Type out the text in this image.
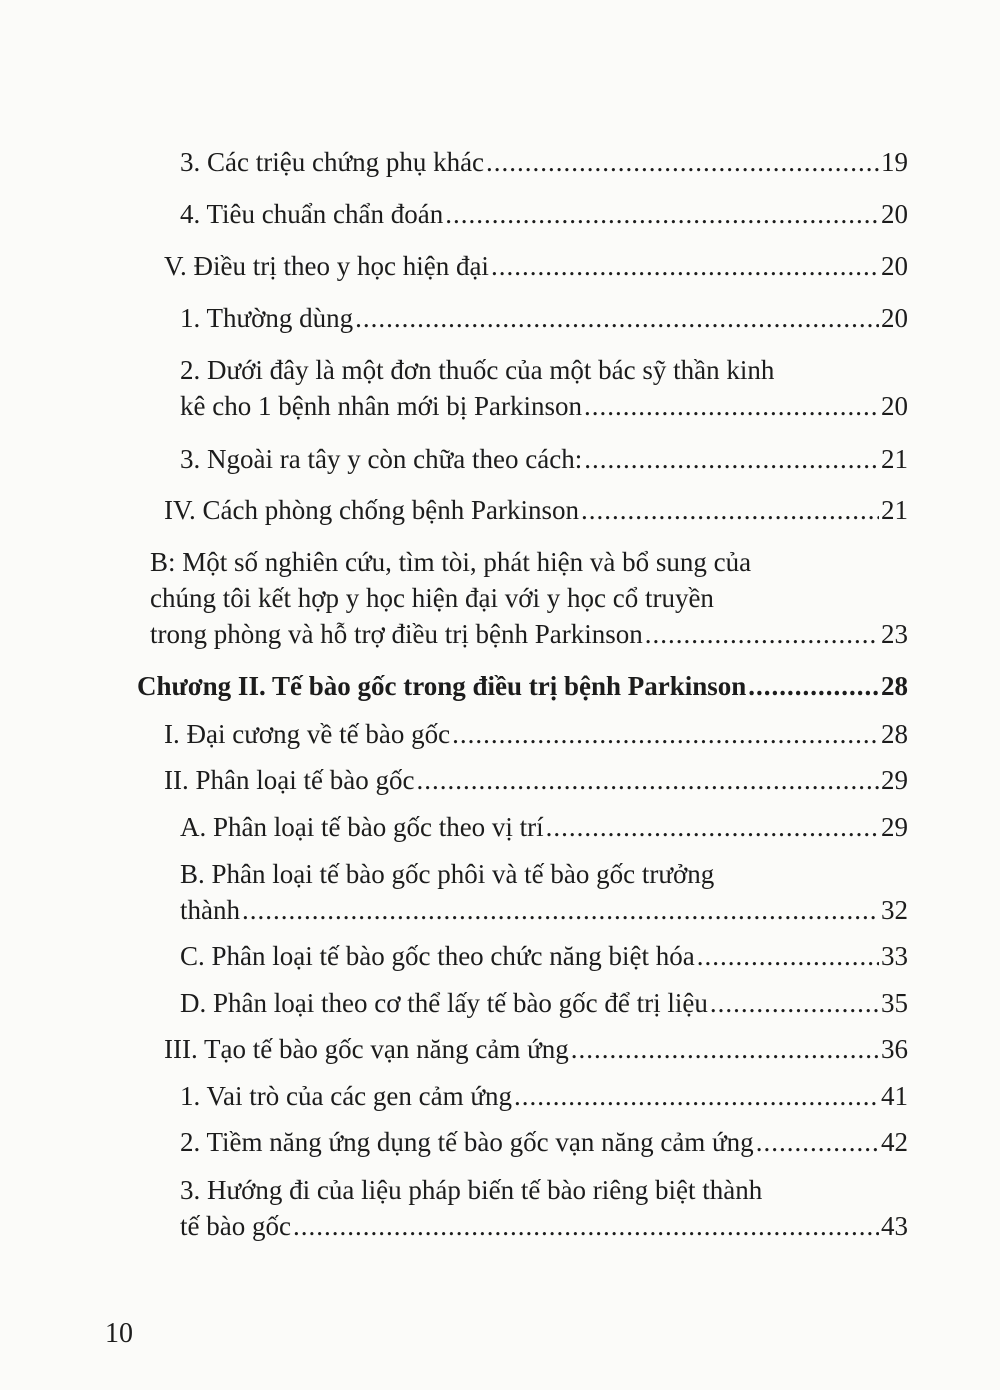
3. Các triệu chứng phụ khác .....	19
4. Tiêu chuẩn chẩn đoán .....	20
V. Điều trị theo y học hiện đại .....	20
1. Thường dùng .....	20
2. Dưới đây là một đơn thuốc của một bác sỹ thần kinh
kê cho 1 bệnh nhân mới bị Parkinson .....	20
3. Ngoài ra tây y còn chữa theo cách: .....	21
IV. Cách phòng chống bệnh Parkinson .....	21
B: Một số nghiên cứu, tìm tòi, phát hiện và bổ sung của
chúng tôi kết hợp y học hiện đại với y học cổ truyền
trong phòng và hỗ trợ điều trị bệnh Parkinson .....	23
Chương II. Tế bào gốc trong điều trị bệnh Parkinson .....	28
I. Đại cương về tế bào gốc .....	28
II. Phân loại tế bào gốc .....	29
A. Phân loại tế bào gốc theo vị trí .....	29
B. Phân loại tế bào gốc phôi và tế bào gốc trưởng
thành .....	32
C. Phân loại tế bào gốc theo chức năng biệt hóa .....	33
D. Phân loại theo cơ thể lấy tế bào gốc để trị liệu .....	35
III. Tạo tế bào gốc vạn năng cảm ứng .....	36
1. Vai trò của các gen cảm ứng .....	41
2. Tiềm năng ứng dụng tế bào gốc vạn năng cảm ứng .....	42
3. Hướng đi của liệu pháp biến tế bào riêng biệt thành
tế bào gốc .....	43
10
